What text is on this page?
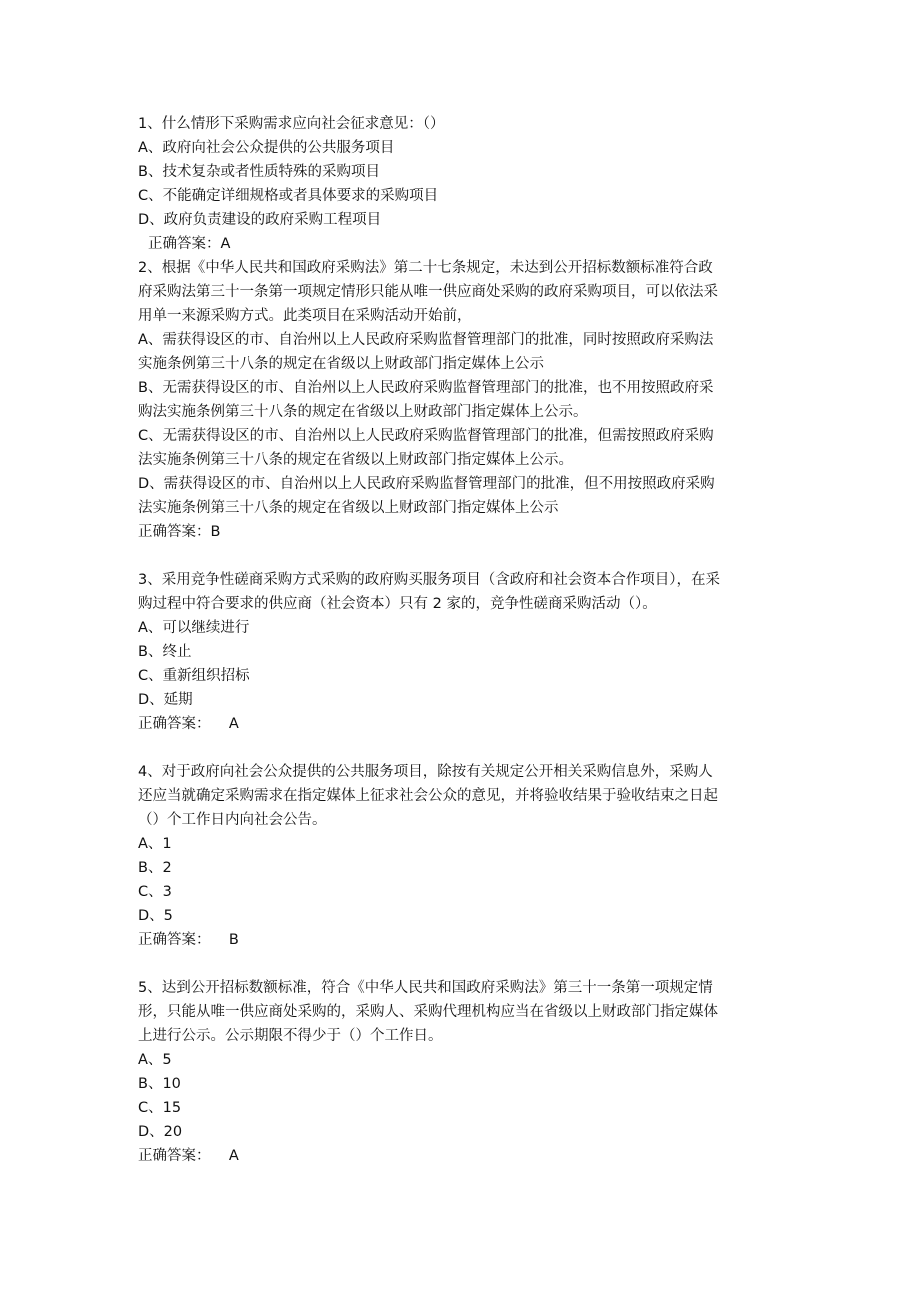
1、什么情形下采购需求应向社会征求意见：（）
A、政府向社会公众提供的公共服务项目
B、技术复杂或者性质特殊的采购项目
C、不能确定详细规格或者具体要求的采购项目
D、政府负责建设的政府采购工程项目
正确答案：A
2、根据《中华人民共和国政府采购法》第二十七条规定，未达到公开招标数额标准符合政
府采购法第三十一条第一项规定情形只能从唯一供应商处采购的政府采购项目，可以依法采
用单一来源采购方式。此类项目在采购活动开始前，
A、需获得设区的市、自治州以上人民政府采购监督管理部门的批准，同时按照政府采购法
实施条例第三十八条的规定在省级以上财政部门指定媒体上公示
B、无需获得设区的市、自治州以上人民政府采购监督管理部门的批准，也不用按照政府采
购法实施条例第三十八条的规定在省级以上财政部门指定媒体上公示。
C、无需获得设区的市、自治州以上人民政府采购监督管理部门的批准，但需按照政府采购
法实施条例第三十八条的规定在省级以上财政部门指定媒体上公示。
D、需获得设区的市、自治州以上人民政府采购监督管理部门的批准，但不用按照政府采购
法实施条例第三十八条的规定在省级以上财政部门指定媒体上公示
正确答案：B
3、采用竞争性磋商采购方式采购的政府购买服务项目（含政府和社会资本合作项目），在采
购过程中符合要求的供应商（社会资本）只有 2 家的，竞争性磋商采购活动（）。
A、可以继续进行
B、终止
C、重新组织招标
D、延期
正确答案：    A
4、对于政府向社会公众提供的公共服务项目，除按有关规定公开相关采购信息外，采购人
还应当就确定采购需求在指定媒体上征求社会公众的意见，并将验收结果于验收结束之日起
（）个工作日内向社会公告。
A、1
B、2
C、3
D、5
正确答案：    B
5、达到公开招标数额标准，符合《中华人民共和国政府采购法》第三十一条第一项规定情
形，只能从唯一供应商处采购的，采购人、采购代理机构应当在省级以上财政部门指定媒体
上进行公示。公示期限不得少于（）个工作日。
A、5
B、10
C、15
D、20
正确答案：    A
